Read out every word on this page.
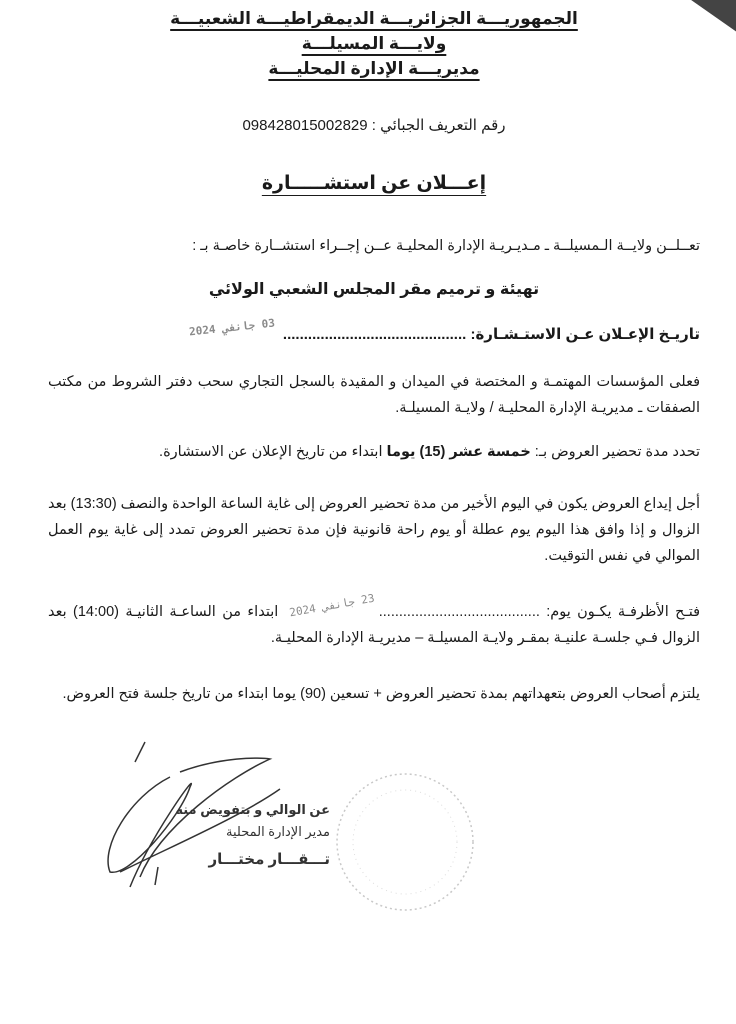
الجمهوريـــة الجزائريـــة الديمقراطيـــة الشعبيـــة
ولايـــة المسيلـــة
مديريـــة الإدارة المحليـــة
رقم التعريف الجبائي : 098428015002829
إعـــلان عن استشـــــارة
تعــلــن ولايــة الـمسيلــة ـ مـديـريـة الإدارة المحليـة عــن إجــراء استشــارة خاصـة بـ :
تهيئة و ترميم مقر المجلس الشعبي الولائي
تاريـخ الإعـلان عـن الاستـشـارة: ............................................ 03 جانفي 2024
فعلى المؤسسات المهتمـة و المختصة في الميدان و المقيدة بالسجل التجاري سحب دفتر الشروط من مكتب الصفقات ـ مديريـة الإدارة المحليـة / ولايـة المسيلـة.
تحدد مدة تحضير العروض بـ: خمسة عشر (15) يوما ابتداء من تاريخ الإعلان عن الاستشارة.
أجل إيداع العروض يكون في اليوم الأخير من مدة تحضير العروض إلى غاية الساعة الواحدة والنصف (13:30) بعد الزوال و إذا وافق هذا اليوم يوم عطلة أو يوم راحة قانونية فإن مدة تحضير العروض تمدد إلى غاية يوم العمل الموالي في نفس التوقيت.
فتـح الأظرفـة يكـون يوم: ........................................23 جانفي 2024 ابتداء من الساعـة الثانيـة (14:00) بعد الزوال فـي جلسـة علنيـة بمقـر ولايـة المسيلـة – مديريـة الإدارة المحليـة.
يلتزم أصحاب العروض بتعهداتهم بمدة تحضير العروض + تسعين (90) يوما ابتداء من تاريخ جلسة فتح العروض.
عن الوالي و بتفويض منه
مدير الإدارة المحلية
تـــقـــار مختـــار
